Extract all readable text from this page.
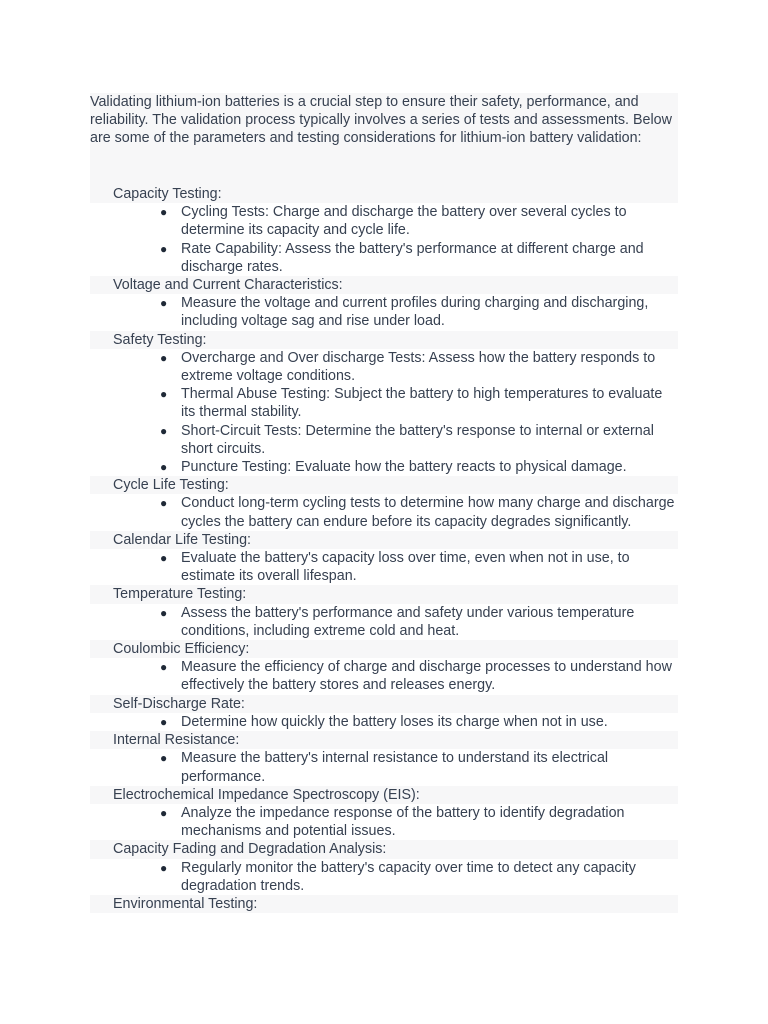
Validating lithium-ion batteries is a crucial step to ensure their safety, performance, and reliability. The validation process typically involves a series of tests and assessments. Below are some of the parameters and testing considerations for lithium-ion battery validation:

Capacity Testing:
● Cycling Tests: Charge and discharge the battery over several cycles to determine its capacity and cycle life.
● Rate Capability: Assess the battery's performance at different charge and discharge rates.
Voltage and Current Characteristics:
● Measure the voltage and current profiles during charging and discharging, including voltage sag and rise under load.
Safety Testing:
● Overcharge and Over discharge Tests: Assess how the battery responds to extreme voltage conditions.
● Thermal Abuse Testing: Subject the battery to high temperatures to evaluate its thermal stability.
● Short-Circuit Tests: Determine the battery's response to internal or external short circuits.
● Puncture Testing: Evaluate how the battery reacts to physical damage.
Cycle Life Testing:
● Conduct long-term cycling tests to determine how many charge and discharge cycles the battery can endure before its capacity degrades significantly.
Calendar Life Testing:
● Evaluate the battery's capacity loss over time, even when not in use, to estimate its overall lifespan.
Temperature Testing:
● Assess the battery's performance and safety under various temperature conditions, including extreme cold and heat.
Coulombic Efficiency:
● Measure the efficiency of charge and discharge processes to understand how effectively the battery stores and releases energy.
Self-Discharge Rate:
● Determine how quickly the battery loses its charge when not in use.
Internal Resistance:
● Measure the battery's internal resistance to understand its electrical performance.
Electrochemical Impedance Spectroscopy (EIS):
● Analyze the impedance response of the battery to identify degradation mechanisms and potential issues.
Capacity Fading and Degradation Analysis:
● Regularly monitor the battery's capacity over time to detect any capacity degradation trends.
Environmental Testing:
